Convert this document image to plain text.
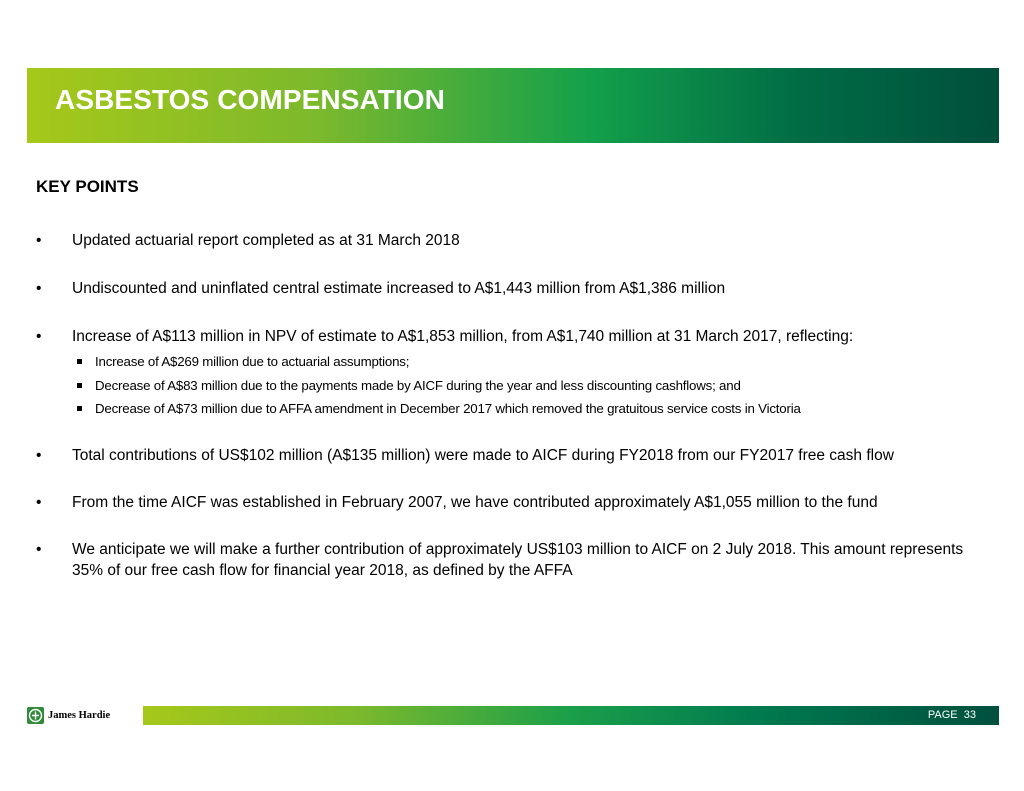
ASBESTOS COMPENSATION
KEY POINTS
• Updated actuarial report completed as at 31 March 2018
• Undiscounted and uninflated central estimate increased to A$1,443 million from A$1,386 million
• Increase of A$113 million in NPV of estimate to A$1,853 million, from A$1,740 million at 31 March 2017, reflecting:
Increase of A$269 million due to actuarial assumptions;
Decrease of A$83 million due to the payments made by AICF during the year and less discounting cashflows; and
Decrease of A$73 million due to AFFA amendment in December 2017 which removed the gratuitous service costs in Victoria
• Total contributions of US$102 million (A$135 million) were made to AICF during FY2018 from our FY2017 free cash flow
• From the time AICF was established in February 2007, we have contributed approximately A$1,055 million to the fund
• We anticipate we will make a further contribution of approximately US$103 million to AICF on 2 July 2018. This amount represents 35% of our free cash flow for financial year 2018, as defined by the AFFA
James Hardie	PAGE  33
